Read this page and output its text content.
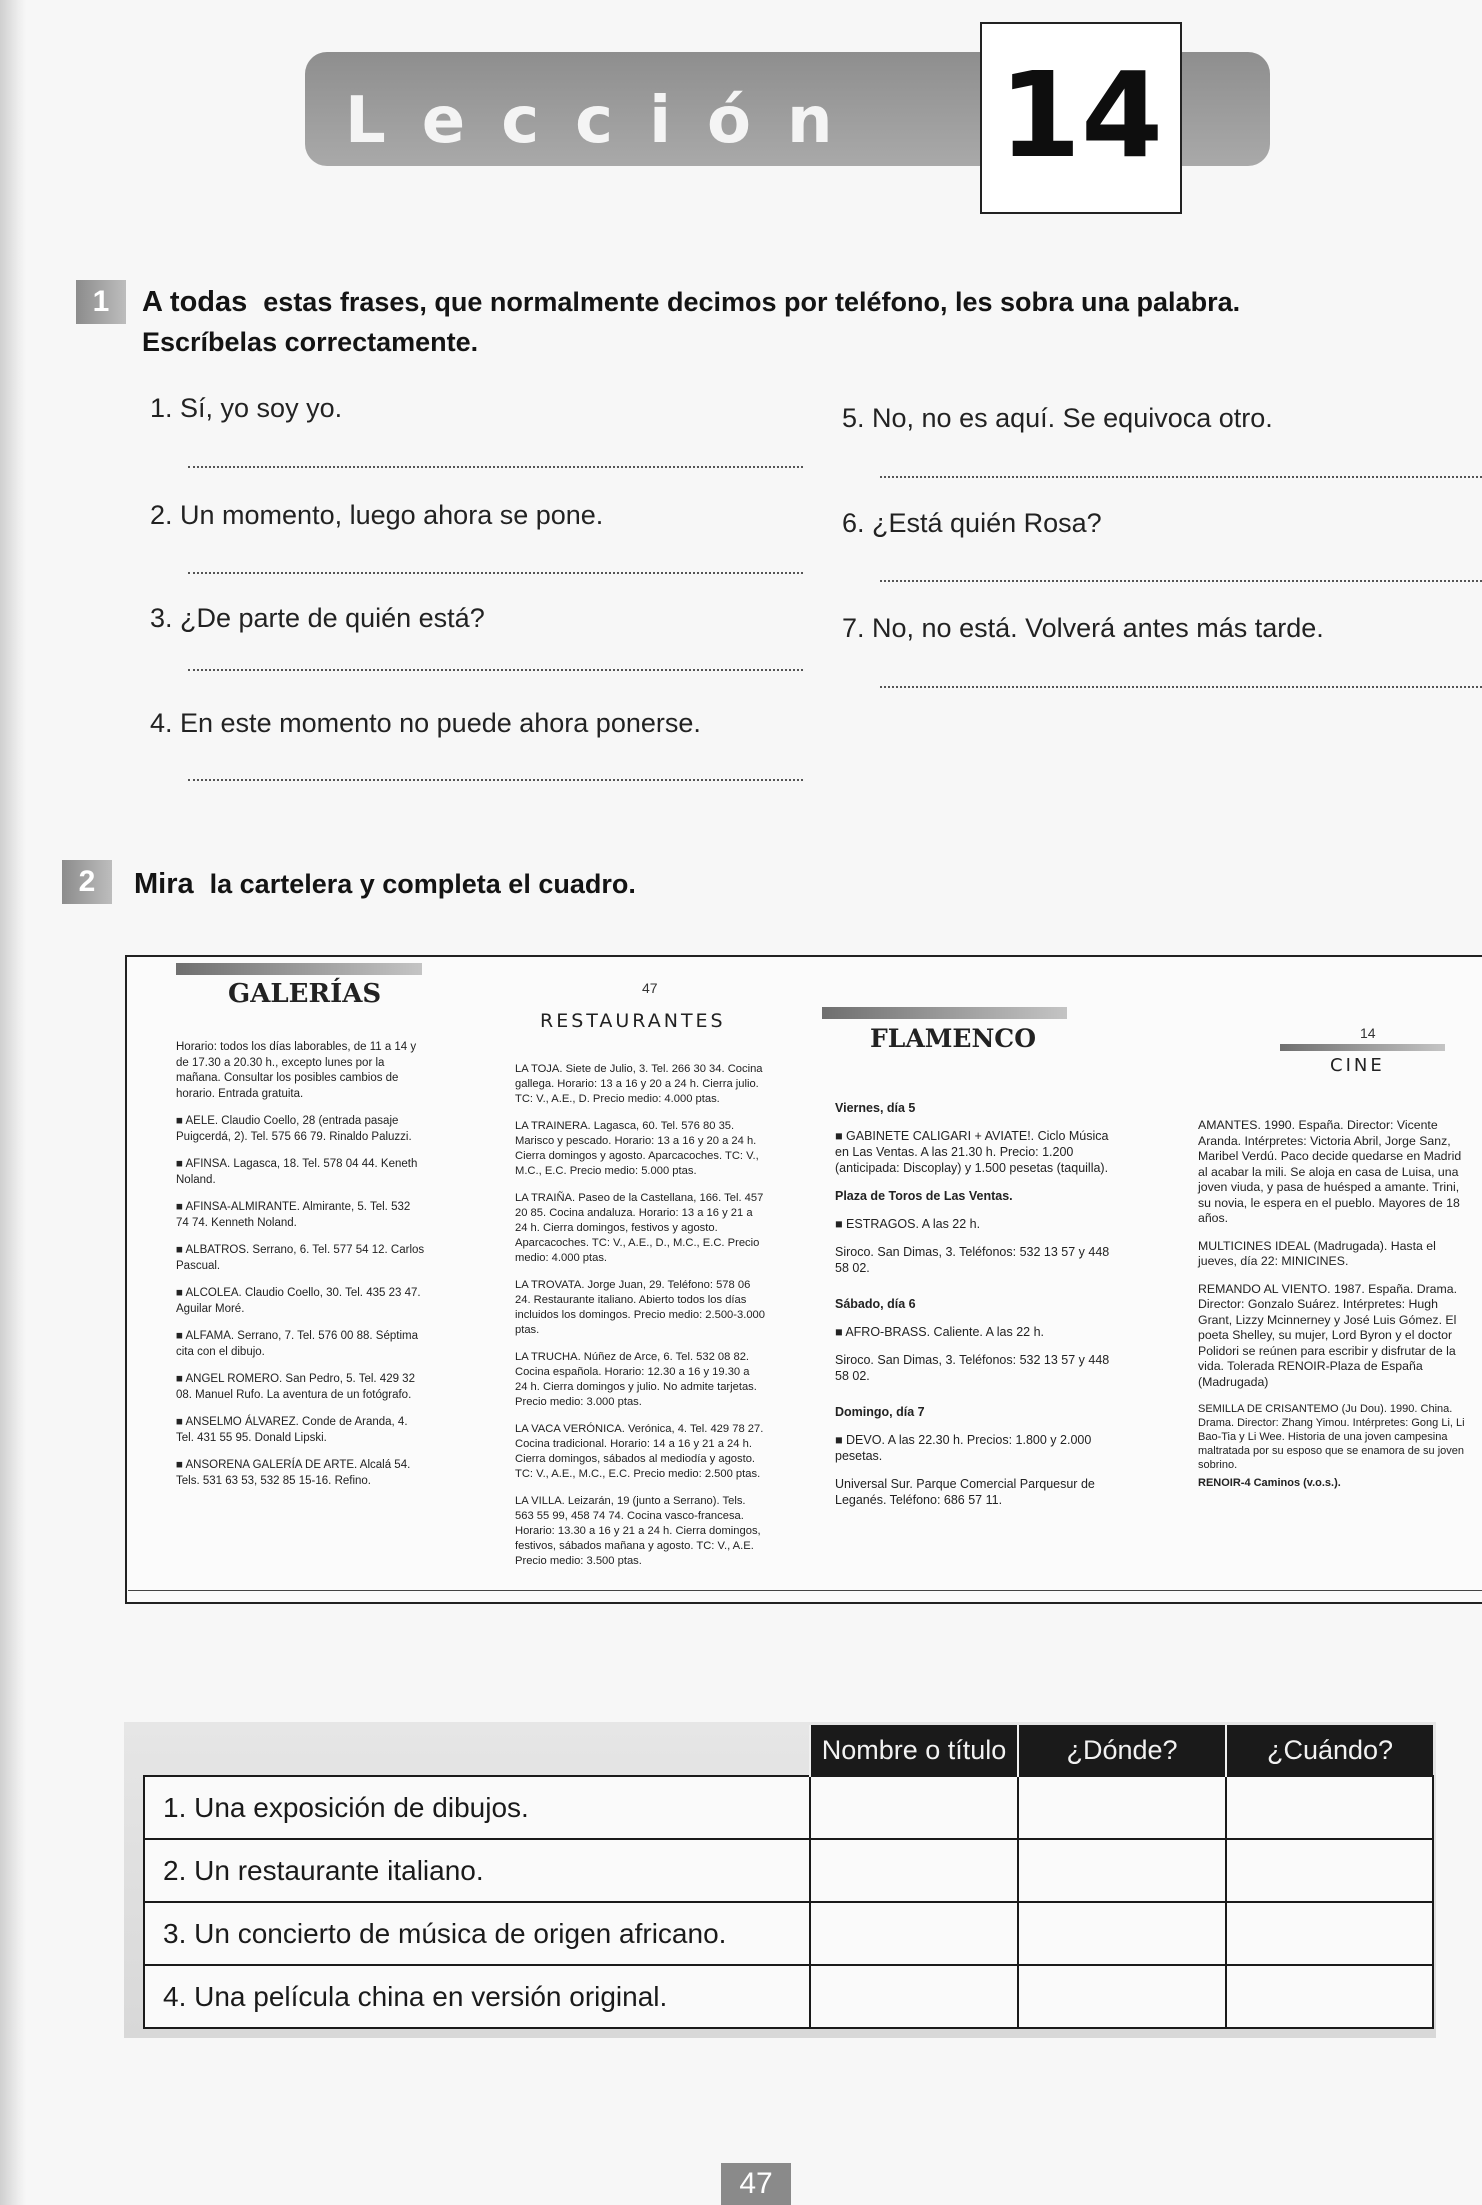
Lección 14
1	A todas estas frases, que normalmente decimos por teléfono, les sobra una palabra.
Escríbelas correctamente.
1. Sí, yo soy yo.
2. Un momento, luego ahora se pone.
3. ¿De parte de quién está?
4. En este momento no puede ahora ponerse.
5. No, no es aquí. Se equivoca otro.
6. ¿Está quién Rosa?
7. No, no está. Volverá antes más tarde.
2	Mira la cartelera y completa el cuadro.
GALERÍAS

Horario: todos los días laborables, de 11 a 14 y de 17.30 a 20.30 h., excepto lunes por la mañana. Consultar los posibles cambios de horario. Entrada gratuita.

■ AELE. Claudio Coello, 28 (entrada pasaje Puigcerdá, 2). Tel. 575 66 79. Rinaldo Paluzzi.

■ AFINSA. Lagasca, 18. Tel. 578 04 44. Keneth Noland.

■ AFINSA-ALMIRANTE. Almirante, 5. Tel. 532 74 74. Kenneth Noland.

■ ALBATROS. Serrano, 6. Tel. 577 54 12. Carlos Pascual.

■ ALCOLEA. Claudio Coello, 30. Tel. 435 23 47. Aguilar Moré.

■ ALFAMA. Serrano, 7. Tel. 576 00 88. Séptima cita con el dibujo.

■ ANGEL ROMERO. San Pedro, 5. Tel. 429 32 08. Manuel Rufo. La aventura de un fotógrafo.

■ ANSELMO ÁLVAREZ. Conde de Aranda, 4. Tel. 431 55 95. Donald Lipski.

■ ANSORENA GALERÍA DE ARTE. Alcalá 54. Tels. 531 63 53, 532 85 15-16. Refino.

47
RESTAURANTES

LA TOJA. Siete de Julio, 3. Tel. 266 30 34. Cocina gallega. Horario: 13 a 16 y 20 a 24 h. Cierra julio. TC: V., A.E., D. Precio medio: 4.000 ptas.

LA TRAINERA. Lagasca, 60. Tel. 576 80 35. Marisco y pescado. Horario: 13 a 16 y 20 a 24 h. Cierra domingos y agosto. Aparcacoches. TC: V., M.C., E.C. Precio medio: 5.000 ptas.

LA TRAIÑA. Paseo de la Castellana, 166. Tel. 457 20 85. Cocina andaluza. Horario: 13 a 16 y 21 a 24 h. Cierra domingos, festivos y agosto. Aparcacoches. TC: V., A.E., D., M.C., E.C. Precio medio: 4.000 ptas.

LA TROVATA. Jorge Juan, 29. Teléfono: 578 06 24. Restaurante italiano. Abierto todos los días incluidos los domingos. Precio medio: 2.500-3.000 ptas.

LA TRUCHA. Núñez de Arce, 6. Tel. 532 08 82. Cocina española. Horario: 12.30 a 16 y 19.30 a 24 h. Cierra domingos y julio. No admite tarjetas. Precio medio: 3.000 ptas.

LA VACA VERÓNICA. Verónica, 4. Tel. 429 78 27. Cocina tradicional. Horario: 14 a 16 y 21 a 24 h. Cierra domingos, sábados al mediodía y agosto. TC: V., A.E., M.C., E.C. Precio medio: 2.500 ptas.

LA VILLA. Leizarán, 19 (junto a Serrano). Tels. 563 55 99, 458 74 74. Cocina vasco-francesa. Horario: 13.30 a 16 y 21 a 24 h. Cierra domingos, festivos, sábados mañana y agosto. TC: V., A.E. Precio medio: 3.500 ptas.

FLAMENCO

Viernes, día 5

■ GABINETE CALIGARI + AVIATE!. Ciclo Música en Las Ventas. A las 21.30 h. Precio: 1.200 (anticipada: Discoplay) y 1.500 pesetas (taquilla).

Plaza de Toros de Las Ventas.

■ ESTRAGOS. A las 22 h.

Siroco. San Dimas, 3. Teléfonos: 532 13 57 y 448 58 02.

Sábado, día 6

■ AFRO-BRASS. Caliente. A las 22 h.

Siroco. San Dimas, 3. Teléfonos: 532 13 57 y 448 58 02.

Domingo, día 7

■ DEVO. A las 22.30 h. Precios: 1.800 y 2.000 pesetas.

Universal Sur. Parque Comercial Parquesur de Leganés. Teléfono: 686 57 11.

14
CINE

AMANTES. 1990. España. Director: Vicente Aranda. Intérpretes: Victoria Abril, Jorge Sanz, Maribel Verdú. Paco decide quedarse en Madrid al acabar la mili. Se aloja en casa de Luisa, una joven viuda, y pasa de huésped a amante. Trini, su novia, le espera en el pueblo. Mayores de 18 años.

MULTICINES IDEAL (Madrugada). Hasta el jueves, día 22: MINICINES.

REMANDO AL VIENTO. 1987. España. Drama. Director: Gonzalo Suárez. Intérpretes: Hugh Grant, Lizzy Mcinnerney y José Luis Gómez. El poeta Shelley, su mujer, Lord Byron y el doctor Polidori se reúnen para escribir y disfrutar de la vida. Tolerada RENOIR-Plaza de España (Madrugada)

SEMILLA DE CRISANTEMO (Ju Dou). 1990. China. Drama. Director: Zhang Yimou. Intérpretes: Gong Li, Li Bao-Tia y Li Wee. Historia de una joven campesina maltratada por su esposo que se enamora de su joven sobrino.

RENOIR-4 Caminos (v.o.s.).

	Nombre o título	¿Dónde?	¿Cuándo?
1. Una exposición de dibujos.			
2. Un restaurante italiano.			
3. Un concierto de música de origen africano.			
4. Una película china en versión original.			
47
